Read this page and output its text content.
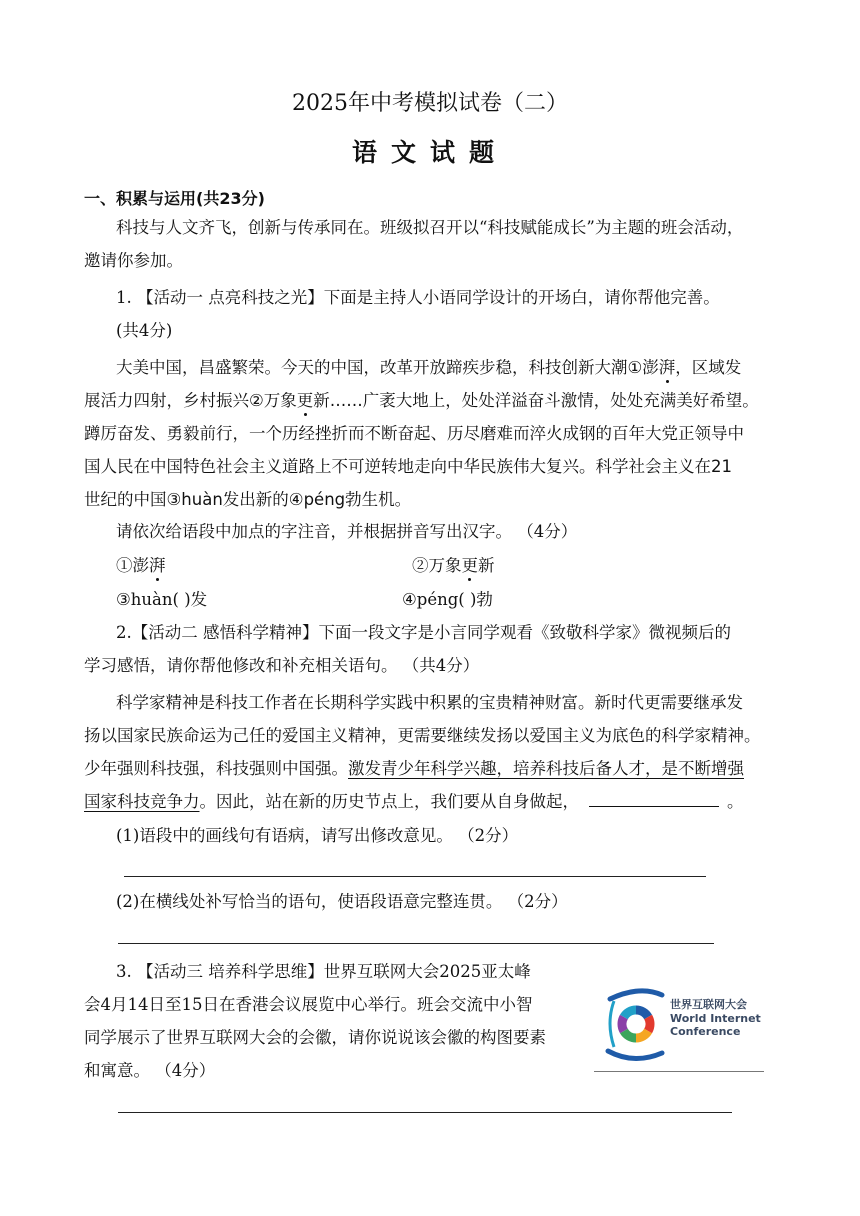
2025年中考模拟试卷（二）
语文试题
一、积累与运用(共23分)
科技与人文齐飞，创新与传承同在。班级拟召开以“科技赋能成长”为主题的班会活动，
邀请你参加。
1. 【活动一 点亮科技之光】下面是主持人小语同学设计的开场白，请你帮他完善。
(共4分)
大美中国，昌盛繁荣。今天的中国，改革开放蹄疾步稳，科技创新大潮①澎湃，区域发
展活力四射，乡村振兴②万象更新……广袤大地上，处处洋溢奋斗激情，处处充满美好希望。
蹲厉奋发、勇毅前行，一个历经挫折而不断奋起、历尽磨难而淬火成钢的百年大党正领导中
国人民在中国特色社会主义道路上不可逆转地走向中华民族伟大复兴。科学社会主义在21
世纪的中国③huàn发出新的④péng勃生机。
请依次给语段中加点的字注音，并根据拼音写出汉字。 （4分）
①澎湃	②万象更新
③huàn( )发	④péng( )勃
2.【活动二 感悟科学精神】下面一段文字是小言同学观看《致敬科学家》微视频后的
学习感悟，请你帮他修改和补充相关语句。 （共4分）
科学家精神是科技工作者在长期科学实践中积累的宝贵精神财富。新时代更需要继承发
扬以国家民族命运为己任的爱国主义精神，更需要继续发扬以爱国主义为底色的科学家精神。
少年强则科技强，科技强则中国强。激发青少年科学兴趣，培养科技后备人才，是不断增强
国家科技竞争力。因此，站在新的历史节点上，我们要从自身做起，	。
(1)语段中的画线句有语病，请写出修改意见。 （2分）
(2)在横线处补写恰当的语句，使语段语意完整连贯。 （2分）
3. 【活动三 培养科学思维】世界互联网大会2025亚太峰
会4月14日至15日在香港会议展览中心举行。班会交流中小智
同学展示了世界互联网大会的会徽，请你说说该会徽的构图要素
和寓意。 （4分）
世界互联网大会
World Internet
Conference
